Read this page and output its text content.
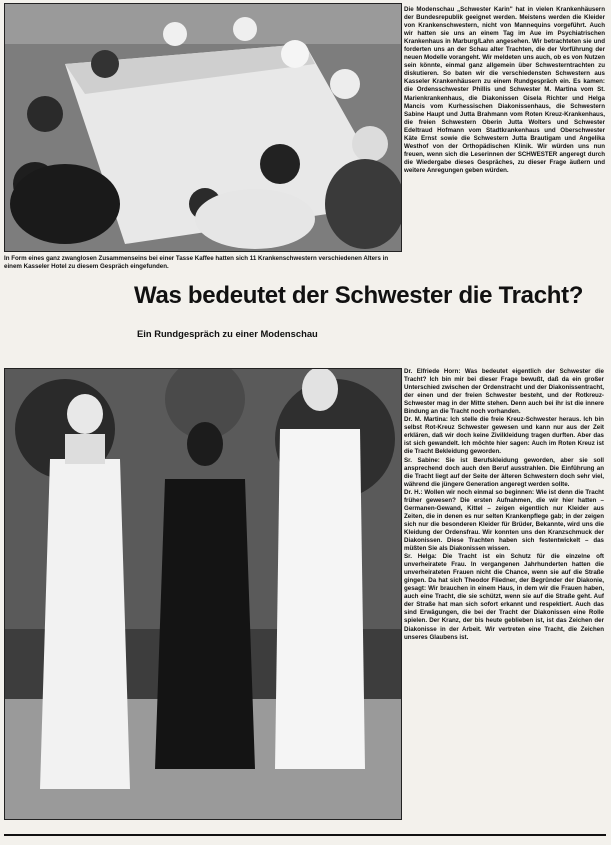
In Form eines ganz zwanglosen Zusammenseins bei einer Tasse Kaffee hatten sich 11 Krankenschwestern verschiedenen Alters in einem Kasseler Hotel zu diesem Gespräch eingefunden.

Die Modenschau „Schwester Karin" hat in vielen Krankenhäusern der Bundesrepublik geeignet werden. Meistens werden die Kleider von Krankenschwestern, nicht von Mannequins vorgeführt. Auch wir hatten sie uns an einem Tag im Aue im Psychiatrischen Krankenhaus in Marburg/Lahn angesehen. Wir betrachteten sie und forderten uns an der Schau alter Trachten, die der Vorführung der neuen Modelle vorangeht. Wir meldeten uns auch, ob es von Nutzen sein könnte, einmal ganz allgemein über Schwesterntrachten zu diskutieren. So baten wir die verschiedensten Schwestern aus Kasseler Krankenhäusern zu einem Rundgespräch ein. Es kamen: die Ordensschwester Phillis und Schwester M. Martina vom St. Marienkrankenhaus, die Diakonissen Gisela Richter und Helga Mancis vom Kurhessischen Diakonissenhaus, die Schwestern Sabine Haupt und Jutta Brahmann vom Roten Kreuz-Krankenhaus, die freien Schwestern Oberin Jutta Wolters und Schwester Edeltraud Hofmann vom Stadtkrankenhaus und Oberschwester Käte Ernst sowie die Schwestern Jutta Brautigam und Angelika Westhof von der Orthopädischen Klinik. Wir würden uns nun freuen, wenn sich die Leserinnen der SCHWESTER angeregt durch die Wiedergabe dieses Gespräches, zu dieser Frage äußern und weitere Anregungen geben würden.

Was bedeutet der Schwester die Tracht?
Ein Rundgespräch zu einer Modenschau

Dr. Elfriede Horn: Was bedeutet eigentlich der Schwester die Tracht? Ich bin mir bei dieser Frage bewußt, daß da ein großer Unterschied zwischen der Ordenstracht und der Diakonissentracht, der einen und der freien Schwester besteht, und der Rotkreuz-Schwester mag in der Mitte stehen. Denn auch bei ihr ist die innere Bindung an die Tracht noch vorhanden.

Dr. M. Martina: Ich stelle die freie Kreuz-Schwester heraus. Ich bin selbst Rot-Kreuz Schwester gewesen und kann nur aus der Zeit erklären, daß wir doch keine Zivilkleidung tragen durften. Aber das ist sich gewandelt. Ich möchte hier sagen: Auch im Roten Kreuz ist die Tracht Bekleidung geworden.

Sr. Sabine: Sie ist Berufskleidung geworden, aber sie soll ansprechend doch auch den Beruf ausstrahlen. Die Einführung an die Tracht liegt auf der Seite der älteren Schwestern doch sehr viel, während die jüngere Generation angeregt werden sollte.

Dr. H.: Wollen wir noch einmal so beginnen: Wie ist denn die Tracht früher gewesen? Die ersten Aufnahmen, die wir hier hatten – Germanen-Gewand, Kittel – zeigen eigentlich nur Kleider aus Zeiten, die in denen es nur selten Krankenpflege gab; in der zeigen sich nur die besonderen Kleider für Brüder, Bekannte, wird uns die Kleidung der Ordensfrau. Wir konnten uns den Kranzschmuck der Diakonissen. Diese Trachten haben sich festentwickelt – das müßten Sie als Diakonissen wissen.

Sr. Helga: Die Tracht ist ein Schutz für die einzelne oft unverheiratete Frau. In vergangenen Jahrhunderten hatten die unverheirateten Frauen nicht die Chance, wenn sie auf die Straße gingen. Da hat sich Theodor Fliedner, der Begründer der Diakonie, gesagt: Wir brauchen in einem Haus, in dem wir die Frauen haben, auch eine Tracht, die sie schützt, wenn sie auf die Straße geht. Auf der Straße hat man sich sofort erkannt und respektiert. Auch das sind Erwägungen, die bei der Tracht der Diakonissen eine Rolle spielen. Der Kranz, der bis heute geblieben ist, ist das Zeichen der Diakonisse in der Arbeit. Wir vertreten eine Tracht, die Zeichen unseres Glaubens ist.
